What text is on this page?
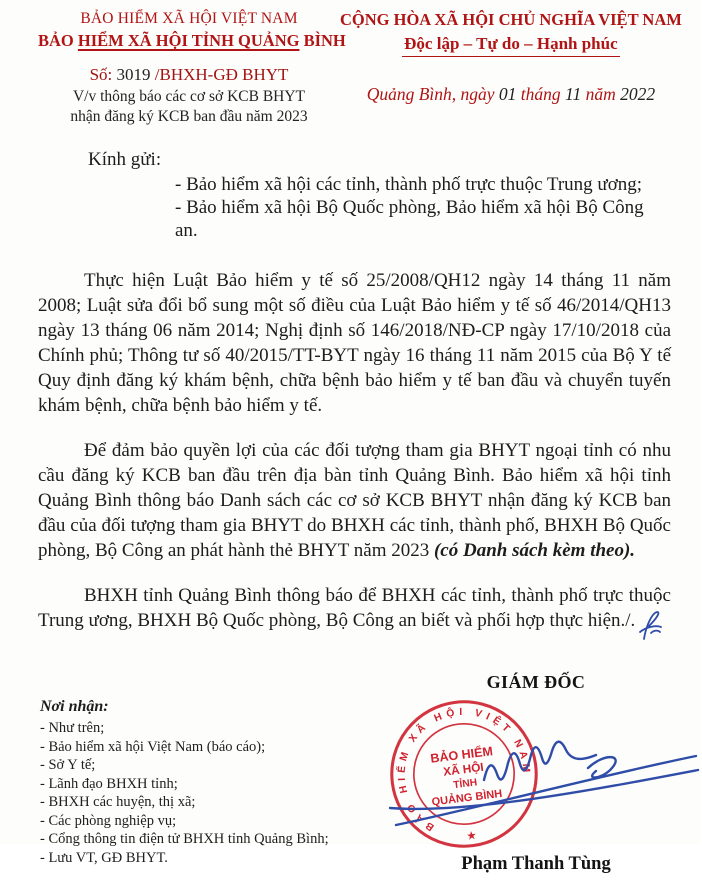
BẢO HIỂM XÃ HỘI VIỆT NAM
BẢO HIỂM XÃ HỘI TỈNH QUẢNG BÌNH
Số: 3019 /BHXH-GĐ BHYT
V/v thông báo các cơ sở KCB BHYT
nhận đăng ký KCB ban đầu năm 2023
CỘNG HÒA XÃ HỘI CHỦ NGHĨA VIỆT NAM
Độc lập – Tự do – Hạnh phúc
Quảng Bình, ngày 01 tháng 11 năm 2022
Kính gửi:
- Bảo hiểm xã hội các tỉnh, thành phố trực thuộc Trung ương;
- Bảo hiểm xã hội Bộ Quốc phòng, Bảo hiểm xã hội Bộ Công an.

Thực hiện Luật Bảo hiểm y tế số 25/2008/QH12 ngày 14 tháng 11 năm 2008; Luật sửa đổi bổ sung một số điều của Luật Bảo hiểm y tế số 46/2014/QH13 ngày 13 tháng 06 năm 2014; Nghị định số 146/2018/NĐ-CP ngày 17/10/2018 của Chính phủ; Thông tư số 40/2015/TT-BYT ngày 16 tháng 11 năm 2015 của Bộ Y tế Quy định đăng ký khám bệnh, chữa bệnh bảo hiểm y tế ban đầu và chuyển tuyến khám bệnh, chữa bệnh bảo hiểm y tế.

Để đảm bảo quyền lợi của các đối tượng tham gia BHYT ngoại tỉnh có nhu cầu đăng ký KCB ban đầu trên địa bàn tỉnh Quảng Bình. Bảo hiểm xã hội tỉnh Quảng Bình thông báo Danh sách các cơ sở KCB BHYT nhận đăng ký KCB ban đầu của đối tượng tham gia BHYT do BHXH các tỉnh, thành phố, BHXH Bộ Quốc phòng, Bộ Công an phát hành thẻ BHYT năm 2023 (có Danh sách kèm theo).

BHXH tỉnh Quảng Bình thông báo để BHXH các tỉnh, thành phố trực thuộc Trung ương, BHXH Bộ Quốc phòng, Bộ Công an biết và phối hợp thực hiện./.

Nơi nhận:
- Như trên;
- Bảo hiểm xã hội Việt Nam (báo cáo);
- Sở Y tế;
- Lãnh đạo BHXH tỉnh;
- BHXH các huyện, thị xã;
- Các phòng nghiệp vụ;
- Cổng thông tin điện tử BHXH tỉnh Quảng Bình;
- Lưu VT, GĐ BHYT.
GIÁM ĐỐC
BẢO HIỂM XÃ HỘI VIỆT NAM
BẢO HIỂM
XÃ HỘI
TỈNH
QUẢNG BÌNH
★
Phạm Thanh Tùng
